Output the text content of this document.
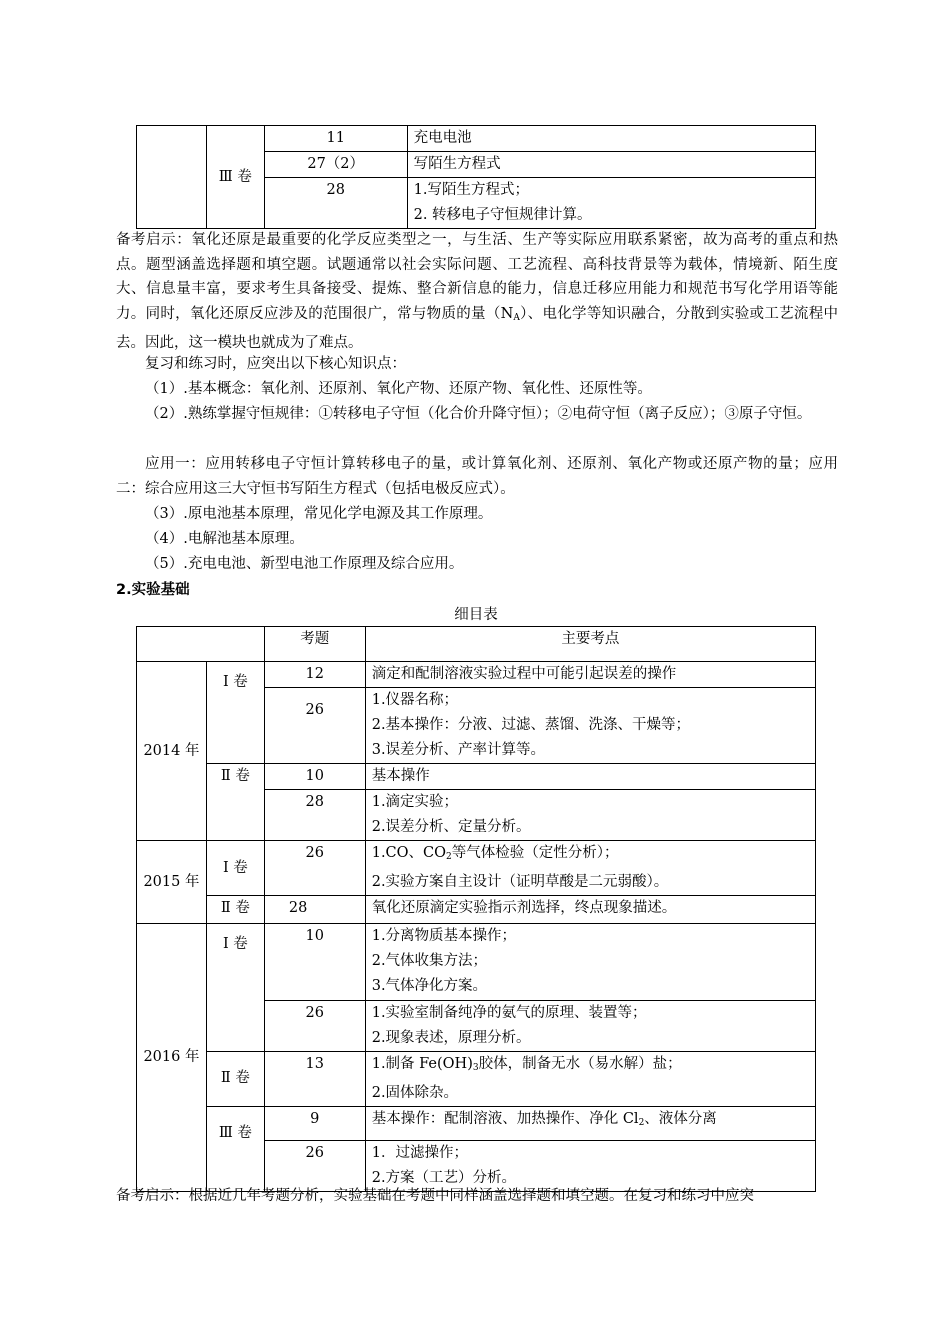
	Ⅲ 卷	11	充电电池
		27（2）	写陌生方程式
		28	1.写陌生方程式；
2. 转移电子守恒规律计算。
备考启示：氧化还原是最重要的化学反应类型之一，与生活、生产等实际应用联系紧密，故为高考的重点和热点。题型涵盖选择题和填空题。试题通常以社会实际问题、工艺流程、高科技背景等为载体，情境新、陌生度大、信息量丰富，要求考生具备接受、提炼、整合新信息的能力，信息迁移应用能力和规范书写化学用语等能力。同时，氧化还原反应涉及的范围很广，常与物质的量$(N_A)$、电化学等知识融合，分散到实验或工艺流程中去。因此，这一模块也就成为了难点。
复习和练习时，应突出以下核心知识点：
（1）.基本概念：氧化剂、还原剂、氧化产物、还原产物、氧化性、还原性等。
（2）.熟练掌握守恒规律：①转移电子守恒（化合价升降守恒）；②电荷守恒（离子反应）；③原子守恒。
应用一：应用转移电子守恒计算转移电子的量，或计算氧化剂、还原剂、氧化产物或还原产物的量；应用二：综合应用这三大守恒书写陌生方程式（包括电极反应式）。
（3）.原电池基本原理，常见化学电源及其工作原理。
（4）.电解池基本原理。
（5）.充电电池、新型电池工作原理及综合应用。
2.实验基础
细目表
		考题	主要考点
2014 年	Ⅰ 卷	12	滴定和配制溶液实验过程中可能引起误差的操作
		26	1.仪器名称；
2.基本操作：分液、过滤、蒸馏、洗涤、干燥等；
3.误差分析、产率计算等。

	Ⅱ 卷	10	基本操作
		28	1.滴定实验；
2.误差分析、定量分析。

2015 年	Ⅰ 卷	26	1.CO、$CO_2$等气体检验（定性分析）；
2.实验方案自主设计（证明草酸是二元弱酸）。

	Ⅱ 卷	28	氧化还原滴定实验指示剂选择，终点现象描述。
2016 年	Ⅰ 卷	10	1.分离物质基本操作；
2.气体收集方法；
3.气体净化方案。

		26	1.实验室制备纯净的氨气的原理、装置等；
2.现象表述，原理分析。

	Ⅱ 卷	13	1.制备 $Fe(OH)_3$胶体，制备无水（易水解）盐；
2.固体除杂。

	Ⅲ 卷	9	基本操作：配制溶液、加热操作、净化 $Cl_2$、液体分离
		26	1．过滤操作；
2.方案（工艺）分析。
备考启示：根据近几年考题分析，实验基础在考题中同样涵盖选择题和填空题。在复习和练习中应突
